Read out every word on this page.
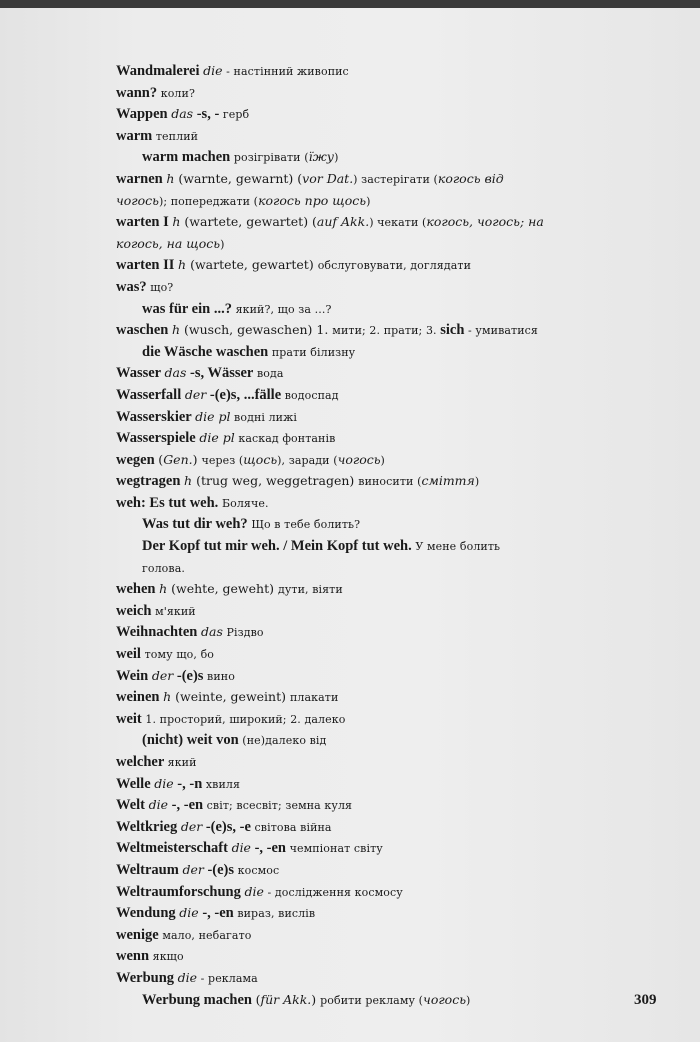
Wandmalerei die - настінний живопис
wann? коли?
Wappen das -s, - герб
warm теплий
warm machen розігрівати (їжу)
warnen h (warnte, gewarnt) (vor Dat.) застерігати (когось від
чогось); попереджати (когось про щось)
warten I h (wartete, gewartet) (auf Akk.) чекати (когось, чогось; на
когось, на щось)
warten II h (wartete, gewartet) обслуговувати, доглядати
was? що?
was für ein ...? який?, що за ...?
waschen h (wusch, gewaschen) 1. мити; 2. прати; 3. sich - умиватися
die Wäsche waschen прати білизну
Wasser das -s, Wässer вода
Wasserfall der -(e)s, ...fälle водоспад
Wasserskier die pl водні лижі
Wasserspiele die pl каскад фонтанів
wegen (Gen.) через (щось), заради (чогось)
wegtragen h (trug weg, weggetragen) виносити (сміття)
weh: Es tut weh. Боляче.
Was tut dir weh? Що в тебе болить?
Der Kopf tut mir weh. / Mein Kopf tut weh. У мене болить
голова.
wehen h (wehte, geweht) дути, віяти
weich м'який
Weihnachten das Різдво
weil тому що, бо
Wein der -(e)s вино
weinen h (weinte, geweint) плакати
weit 1. просторий, широкий; 2. далеко
(nicht) weit von (не)далеко від
welcher який
Welle die -, -n хвиля
Welt die -, -en світ; всесвіт; земна куля
Weltkrieg der -(e)s, -e світова війна
Weltmeisterschaft die -, -en чемпіонат світу
Weltraum der -(e)s космос
Weltraumforschung die - дослідження космосу
Wendung die -, -en вираз, вислів
wenige мало, небагато
wenn якщо
Werbung die - реклама
Werbung machen (für Akk.) робити рекламу (чогось)	309
